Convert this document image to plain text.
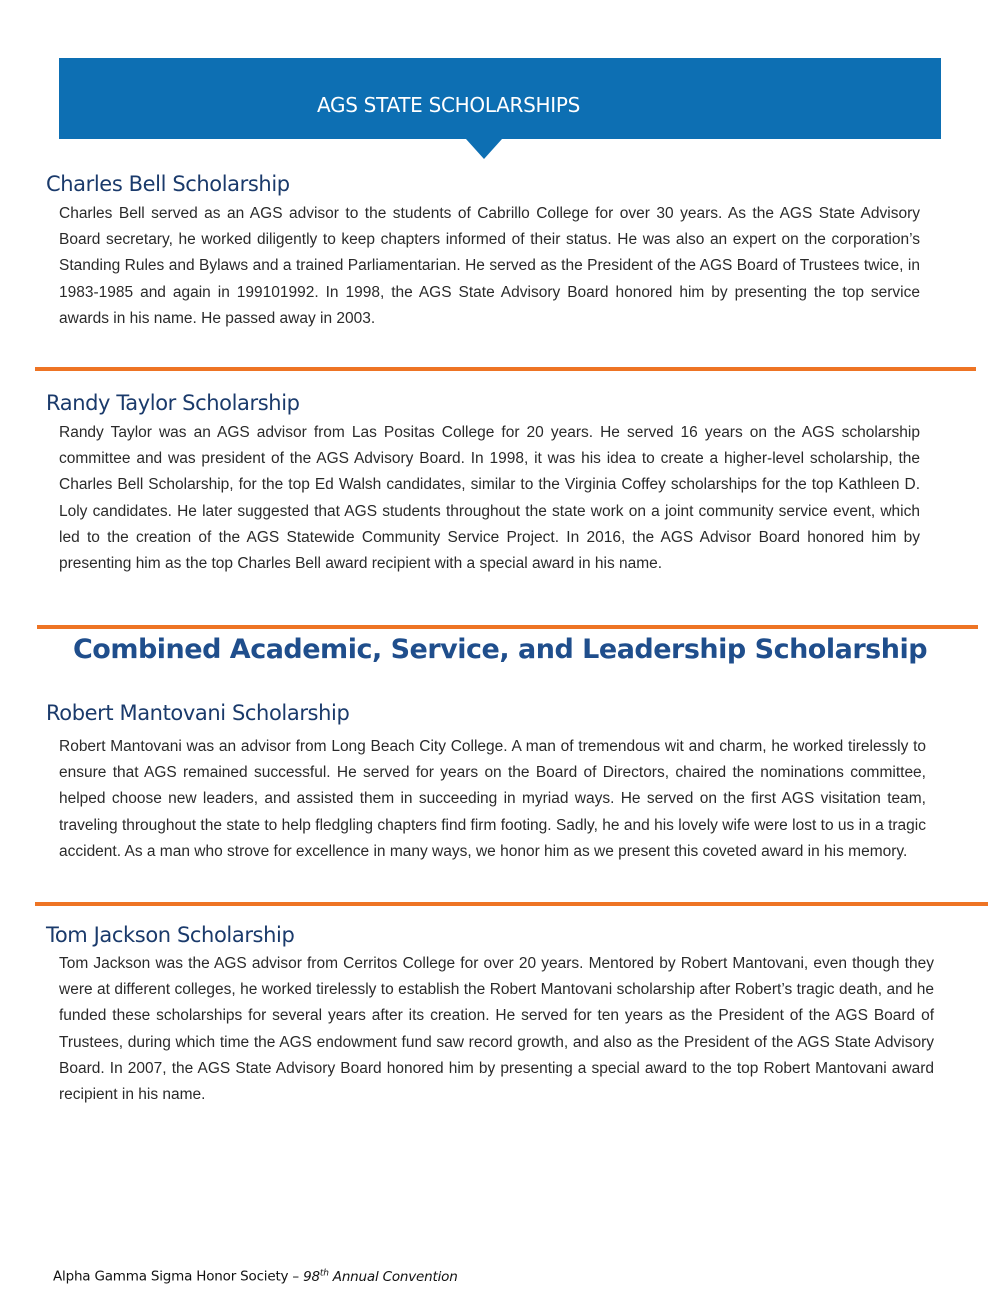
AGS STATE SCHOLARSHIPS
Charles Bell Scholarship

Charles Bell served as an AGS advisor to the students of Cabrillo College for over 30 years. As the AGS State Advisory Board secretary, he worked diligently to keep chapters informed of their status. He was also an expert on the corporation’s Standing Rules and Bylaws and a trained Parliamentarian. He served as the President of the AGS Board of Trustees twice, in 1983-1985 and again in 199101992. In 1998, the AGS State Advisory Board honored him by presenting the top service awards in his name. He passed away in 2003.

Randy Taylor Scholarship

Randy Taylor was an AGS advisor from Las Positas College for 20 years. He served 16 years on the AGS scholarship committee and was president of the AGS Advisory Board. In 1998, it was his idea to create a higher-level scholarship, the Charles Bell Scholarship, for the top Ed Walsh candidates, similar to the Virginia Coffey scholarships for the top Kathleen D. Loly candidates. He later suggested that AGS students throughout the state work on a joint community service event, which led to the creation of the AGS Statewide Community Service Project. In 2016, the AGS Advisor Board honored him by presenting him as the top Charles Bell award recipient with a special award in his name.

Combined Academic, Service, and Leadership Scholarship
Robert Mantovani Scholarship

Robert Mantovani was an advisor from Long Beach City College. A man of tremendous wit and charm, he worked tirelessly to ensure that AGS remained successful. He served for years on the Board of Directors, chaired the nominations committee, helped choose new leaders, and assisted them in succeeding in myriad ways. He served on the first AGS visitation team, traveling throughout the state to help fledgling chapters find firm footing. Sadly, he and his lovely wife were lost to us in a tragic accident. As a man who strove for excellence in many ways, we honor him as we present this coveted award in his memory.

Tom Jackson Scholarship

Tom Jackson was the AGS advisor from Cerritos College for over 20 years. Mentored by Robert Mantovani, even though they were at different colleges, he worked tirelessly to establish the Robert Mantovani scholarship after Robert’s tragic death, and he funded these scholarships for several years after its creation. He served for ten years as the President of the AGS Board of Trustees, during which time the AGS endowment fund saw record growth, and also as the President of the AGS State Advisory Board. In 2007, the AGS State Advisory Board honored him by presenting a special award to the top Robert Mantovani award recipient in his name.

Alpha Gamma Sigma Honor Society – 98th Annual Convention
